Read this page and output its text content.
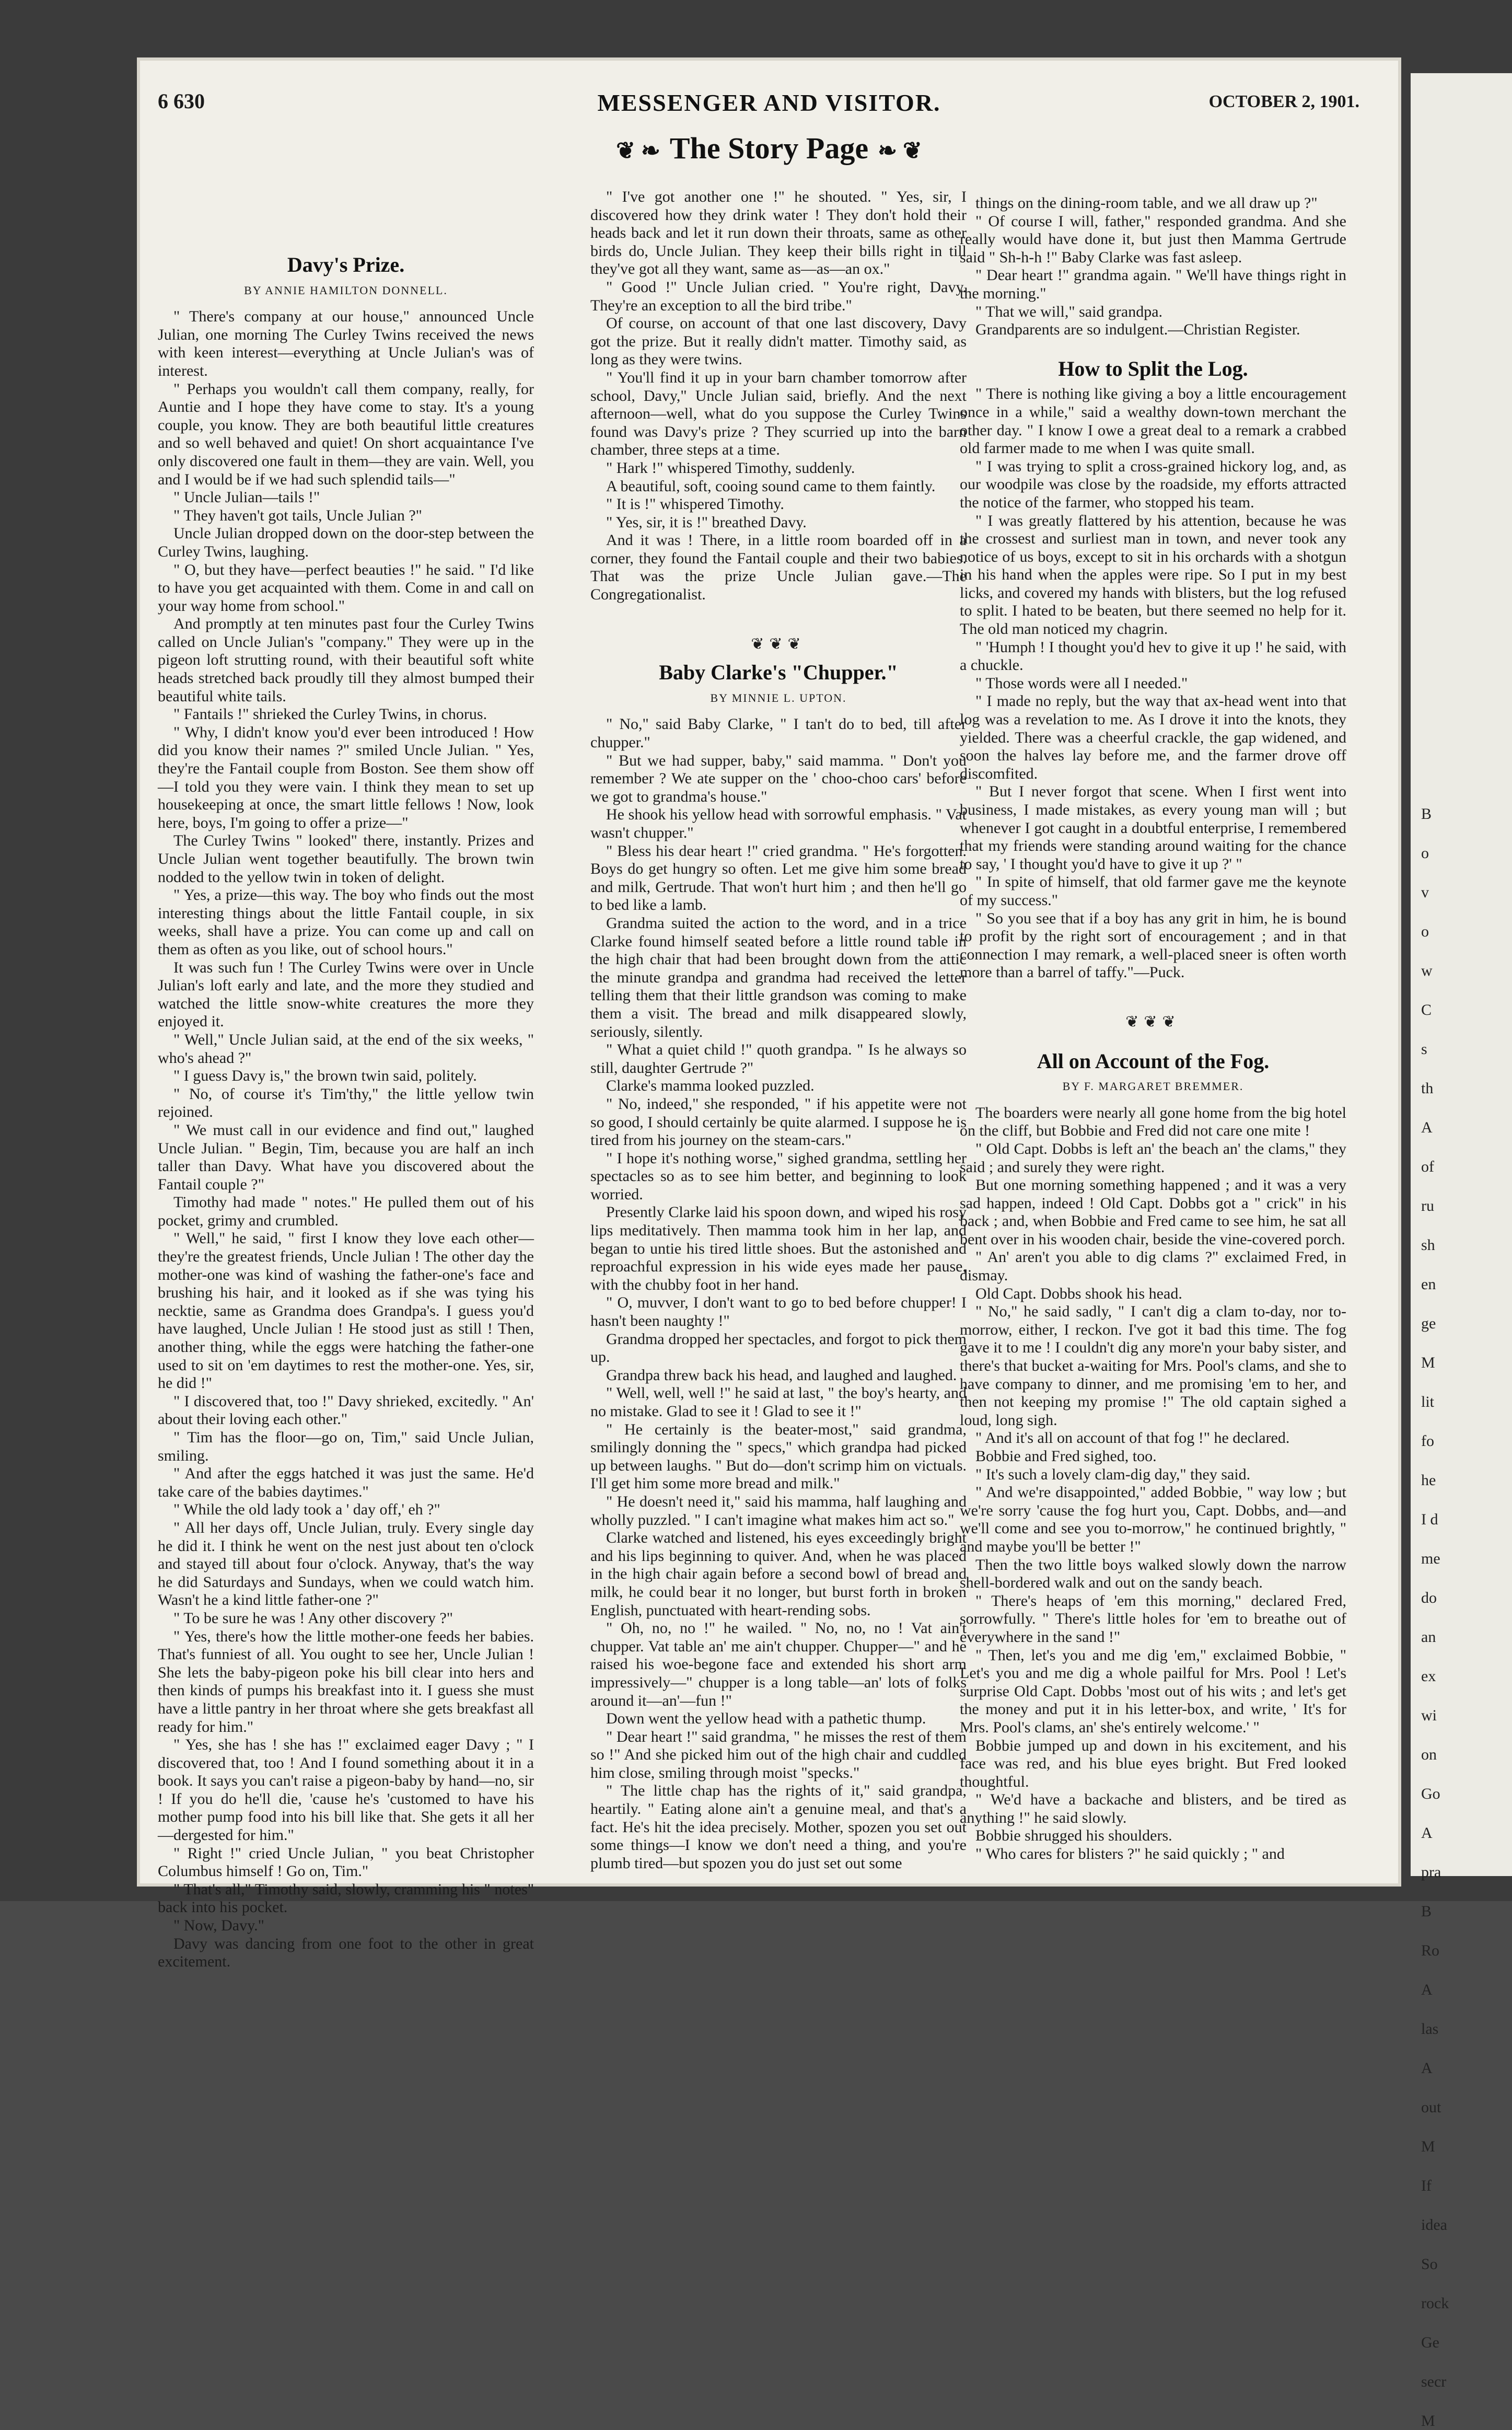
6 630	MESSENGER AND VISITOR.	OCTOBER 2, 1901.
❦ ❧ The Story Page ❧ ❦
Davy's Prize.
BY ANNIE HAMILTON DONNELL.

" There's company at our house," announced Uncle Julian, one morning The Curley Twins received the news with keen interest—everything at Uncle Julian's was of interest.

" Perhaps you wouldn't call them company, really, for Auntie and I hope they have come to stay. It's a young couple, you know. They are both beautiful little creatures and so well behaved and quiet! On short acquaintance I've only discovered one fault in them—they are vain. Well, you and I would be if we had such splendid tails—"

" Uncle Julian—tails !"

" They haven't got tails, Uncle Julian ?"

Uncle Julian dropped down on the door-step between the Curley Twins, laughing.

" O, but they have—perfect beauties !" he said. " I'd like to have you get acquainted with them. Come in and call on your way home from school."

And promptly at ten minutes past four the Curley Twins called on Uncle Julian's "company." They were up in the pigeon loft strutting round, with their beautiful soft white heads stretched back proudly till they almost bumped their beautiful white tails.

" Fantails !" shrieked the Curley Twins, in chorus.

" Why, I didn't know you'd ever been introduced ! How did you know their names ?" smiled Uncle Julian. " Yes, they're the Fantail couple from Boston. See them show off—I told you they were vain. I think they mean to set up housekeeping at once, the smart little fellows ! Now, look here, boys, I'm going to offer a prize—"

The Curley Twins " looked" there, instantly. Prizes and Uncle Julian went together beautifully. The brown twin nodded to the yellow twin in token of delight.

" Yes, a prize—this way. The boy who finds out the most interesting things about the little Fantail couple, in six weeks, shall have a prize. You can come up and call on them as often as you like, out of school hours."

It was such fun ! The Curley Twins were over in Uncle Julian's loft early and late, and the more they studied and watched the little snow-white creatures the more they enjoyed it.

" Well," Uncle Julian said, at the end of the six weeks, " who's ahead ?"

" I guess Davy is," the brown twin said, politely.

" No, of course it's Tim'thy," the little yellow twin rejoined.

" We must call in our evidence and find out," laughed Uncle Julian. " Begin, Tim, because you are half an inch taller than Davy. What have you discovered about the Fantail couple ?"

Timothy had made " notes." He pulled them out of his pocket, grimy and crumbled.

" Well," he said, " first I know they love each other—they're the greatest friends, Uncle Julian ! The other day the mother-one was kind of washing the father-one's face and brushing his hair, and it looked as if she was tying his necktie, same as Grandma does Grandpa's. I guess you'd have laughed, Uncle Julian ! He stood just as still ! Then, another thing, while the eggs were hatching the father-one used to sit on 'em daytimes to rest the mother-one. Yes, sir, he did !"

" I discovered that, too !" Davy shrieked, excitedly. " An' about their loving each other."

" Tim has the floor—go on, Tim," said Uncle Julian, smiling.

" And after the eggs hatched it was just the same. He'd take care of the babies daytimes."

" While the old lady took a ' day off,' eh ?"

" All her days off, Uncle Julian, truly. Every single day he did it. I think he went on the nest just about ten o'clock and stayed till about four o'clock. Anyway, that's the way he did Saturdays and Sundays, when we could watch him. Wasn't he a kind little father-one ?"

" To be sure he was ! Any other discovery ?"

" Yes, there's how the little mother-one feeds her babies. That's funniest of all. You ought to see her, Uncle Julian ! She lets the baby-pigeon poke his bill clear into hers and then kinds of pumps his breakfast into it. I guess she must have a little pantry in her throat where she gets breakfast all ready for him."

" Yes, she has ! she has !" exclaimed eager Davy ; " I discovered that, too ! And I found something about it in a book. It says you can't raise a pigeon-baby by hand—no, sir ! If you do he'll die, 'cause he's 'customed to have his mother pump food into his bill like that. She gets it all her—dergested for him."

" Right !" cried Uncle Julian, " you beat Christopher Columbus himself ! Go on, Tim."

" That's all," Timothy said, slowly, cramming his " notes" back into his pocket.

" Now, Davy."

Davy was dancing from one foot to the other in great excitement.

" I've got another one !" he shouted. " Yes, sir, I discovered how they drink water ! They don't hold their heads back and let it run down their throats, same as other birds do, Uncle Julian. They keep their bills right in till they've got all they want, same as—as—an ox."

" Good !" Uncle Julian cried. " You're right, Davy. They're an exception to all the bird tribe."

Of course, on account of that one last discovery, Davy got the prize. But it really didn't matter. Timothy said, as long as they were twins.

" You'll find it up in your barn chamber tomorrow after school, Davy," Uncle Julian said, briefly. And the next afternoon—well, what do you suppose the Curley Twins found was Davy's prize ? They scurried up into the barn chamber, three steps at a time.

" Hark !" whispered Timothy, suddenly.

A beautiful, soft, cooing sound came to them faintly.

" It is !" whispered Timothy.

" Yes, sir, it is !" breathed Davy.

And it was ! There, in a little room boarded off in a corner, they found the Fantail couple and their two babies. That was the prize Uncle Julian gave.—The Congregationalist.

❦❦❦
Baby Clarke's "Chupper."
BY MINNIE L. UPTON.

" No," said Baby Clarke, " I tan't do to bed, till after chupper."

" But we had supper, baby," said mamma. " Don't you remember ? We ate supper on the ' choo-choo cars' before we got to grandma's house."

He shook his yellow head with sorrowful emphasis. " Vat wasn't chupper."

" Bless his dear heart !" cried grandma. " He's forgotten. Boys do get hungry so often. Let me give him some bread and milk, Gertrude. That won't hurt him ; and then he'll go to bed like a lamb.

Grandma suited the action to the word, and in a trice Clarke found himself seated before a little round table in the high chair that had been brought down from the attic the minute grandpa and grandma had received the letter telling them that their little grandson was coming to make them a visit. The bread and milk disappeared slowly, seriously, silently.

" What a quiet child !" quoth grandpa. " Is he always so still, daughter Gertrude ?"

Clarke's mamma looked puzzled.

" No, indeed," she responded, " if his appetite were not so good, I should certainly be quite alarmed. I suppose he is tired from his journey on the steam-cars."

" I hope it's nothing worse," sighed grandma, settling her spectacles so as to see him better, and beginning to look worried.

Presently Clarke laid his spoon down, and wiped his rosy lips meditatively. Then mamma took him in her lap, and began to untie his tired little shoes. But the astonished and reproachful expression in his wide eyes made her pause, with the chubby foot in her hand.

" O, muvver, I don't want to go to bed before chupper! I hasn't been naughty !"

Grandma dropped her spectacles, and forgot to pick them up.

Grandpa threw back his head, and laughed and laughed.

" Well, well, well !" he said at last, " the boy's hearty, and no mistake. Glad to see it ! Glad to see it !"

" He certainly is the beater-most," said grandma, smilingly donning the " specs," which grandpa had picked up between laughs. " But do—don't scrimp him on victuals. I'll get him some more bread and milk."

" He doesn't need it," said his mamma, half laughing and wholly puzzled. " I can't imagine what makes him act so."

Clarke watched and listened, his eyes exceedingly bright and his lips beginning to quiver. And, when he was placed in the high chair again before a second bowl of bread and milk, he could bear it no longer, but burst forth in broken English, punctuated with heart-rending sobs.

" Oh, no, no !" he wailed. " No, no, no ! Vat ain't chupper. Vat table an' me ain't chupper. Chupper—" and he raised his woe-begone face and extended his short arm impressively—" chupper is a long table—an' lots of folks around it—an'—fun !"

Down went the yellow head with a pathetic thump.

" Dear heart !" said grandma, " he misses the rest of them so !" And she picked him out of the high chair and cuddled him close, smiling through moist "specks."

" The little chap has the rights of it," said grandpa, heartily. " Eating alone ain't a genuine meal, and that's a fact. He's hit the idea precisely. Mother, spozen you set out some things—I know we don't need a thing, and you're plumb tired—but spozen you do just set out some

things on the dining-room table, and we all draw up ?"

" Of course I will, father," responded grandma. And she really would have done it, but just then Mamma Gertrude said " Sh-h-h !" Baby Clarke was fast asleep.

" Dear heart !" grandma again. " We'll have things right in the morning."

" That we will," said grandpa.

Grandparents are so indulgent.—Christian Register.

How to Split the Log.

" There is nothing like giving a boy a little encouragement once in a while," said a wealthy down-town merchant the other day. " I know I owe a great deal to a remark a crabbed old farmer made to me when I was quite small.

" I was trying to split a cross-grained hickory log, and, as our woodpile was close by the roadside, my efforts attracted the notice of the farmer, who stopped his team.

" I was greatly flattered by his attention, because he was the crossest and surliest man in town, and never took any notice of us boys, except to sit in his orchards with a shotgun in his hand when the apples were ripe. So I put in my best licks, and covered my hands with blisters, but the log refused to split. I hated to be beaten, but there seemed no help for it. The old man noticed my chagrin.

" 'Humph ! I thought you'd hev to give it up !' he said, with a chuckle.

" Those words were all I needed."

" I made no reply, but the way that ax-head went into that log was a revelation to me. As I drove it into the knots, they yielded. There was a cheerful crackle, the gap widened, and soon the halves lay before me, and the farmer drove off discomfited.

" But I never forgot that scene. When I first went into business, I made mistakes, as every young man will ; but whenever I got caught in a doubtful enterprise, I remembered that my friends were standing around waiting for the chance to say, ' I thought you'd have to give it up ?' "

" In spite of himself, that old farmer gave me the keynote of my success."

" So you see that if a boy has any grit in him, he is bound to profit by the right sort of encouragement ; and in that connection I may remark, a well-placed sneer is often worth more than a barrel of taffy."—Puck.

❦❦❦
All on Account of the Fog.
BY F. MARGARET BREMMER.

The boarders were nearly all gone home from the big hotel on the cliff, but Bobbie and Fred did not care one mite !

" Old Capt. Dobbs is left an' the beach an' the clams," they said ; and surely they were right.

But one morning something happened ; and it was a very sad happen, indeed ! Old Capt. Dobbs got a " crick" in his back ; and, when Bobbie and Fred came to see him, he sat all bent over in his wooden chair, beside the vine-covered porch.

" An' aren't you able to dig clams ?" exclaimed Fred, in dismay.

Old Capt. Dobbs shook his head.

" No," he said sadly, " I can't dig a clam to-day, nor to-morrow, either, I reckon. I've got it bad this time. The fog gave it to me ! I couldn't dig any more'n your baby sister, and there's that bucket a-waiting for Mrs. Pool's clams, and she to have company to dinner, and me promising 'em to her, and then not keeping my promise !" The old captain sighed a loud, long sigh.

" And it's all on account of that fog !" he declared.

Bobbie and Fred sighed, too.

" It's such a lovely clam-dig day," they said.

" And we're disappointed," added Bobbie, " way low ; but we're sorry 'cause the fog hurt you, Capt. Dobbs, and—and we'll come and see you to-morrow," he continued brightly, " and maybe you'll be better !"

Then the two little boys walked slowly down the narrow shell-bordered walk and out on the sandy beach.

" There's heaps of 'em this morning," declared Fred, sorrowfully. " There's little holes for 'em to breathe out of everywhere in the sand !"

" Then, let's you and me dig 'em," exclaimed Bobbie, " Let's you and me dig a whole pailful for Mrs. Pool ! Let's surprise Old Capt. Dobbs 'most out of his wits ; and let's get the money and put it in his letter-box, and write, ' It's for Mrs. Pool's clams, an' she's entirely welcome.' "

Bobbie jumped up and down in his excitement, and his face was red, and his blue eyes bright. But Fred looked thoughtful.

" We'd have a backache and blisters, and be tired as anything !" he said slowly.

Bobbie shrugged his shoulders.

" Who cares for blisters ?" he said quickly ; " and

B
o
v
o
w
C
s
th
A
of
ru
sh
en
ge
M
lit
fo
he
I d
me
do
an
ex
wi
on
Go
A
pra
B
Ro
A
las
A
out
M
If
idea
So
rock
Ge
secr
M
